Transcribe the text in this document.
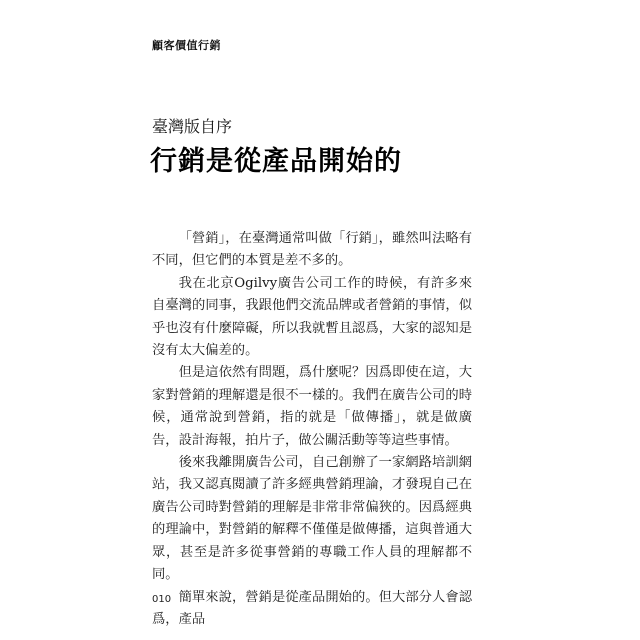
顧客價值行銷
臺灣版自序
行銷是從產品開始的

「營銷」，在臺灣通常叫做「行銷」，雖然叫法略有不同，但它們的本質是差不多的。

我在北京Ogilvy廣告公司工作的時候，有許多來自臺灣的同事，我跟他們交流品牌或者營銷的事情，似乎也沒有什麼障礙，所以我就暫且認爲，大家的認知是沒有太大偏差的。

但是這依然有問題，爲什麼呢？因爲即使在這，大家對營銷的理解還是很不一樣的。我們在廣告公司的時候，通常說到營銷，指的就是「做傳播」，就是做廣告，設計海報，拍片子，做公關活動等等這些事情。

後來我離開廣告公司，自己創辦了一家網路培訓網站，我又認真閱讀了許多經典營銷理論，才發現自己在廣告公司時對營銷的理解是非常非常偏狹的。因爲經典的理論中，對營銷的解釋不僅僅是做傳播，這與普通大眾，甚至是許多從事營銷的專職工作人員的理解都不同。

簡單來說，營銷是從產品開始的。但大部分人會認爲，產品

010
